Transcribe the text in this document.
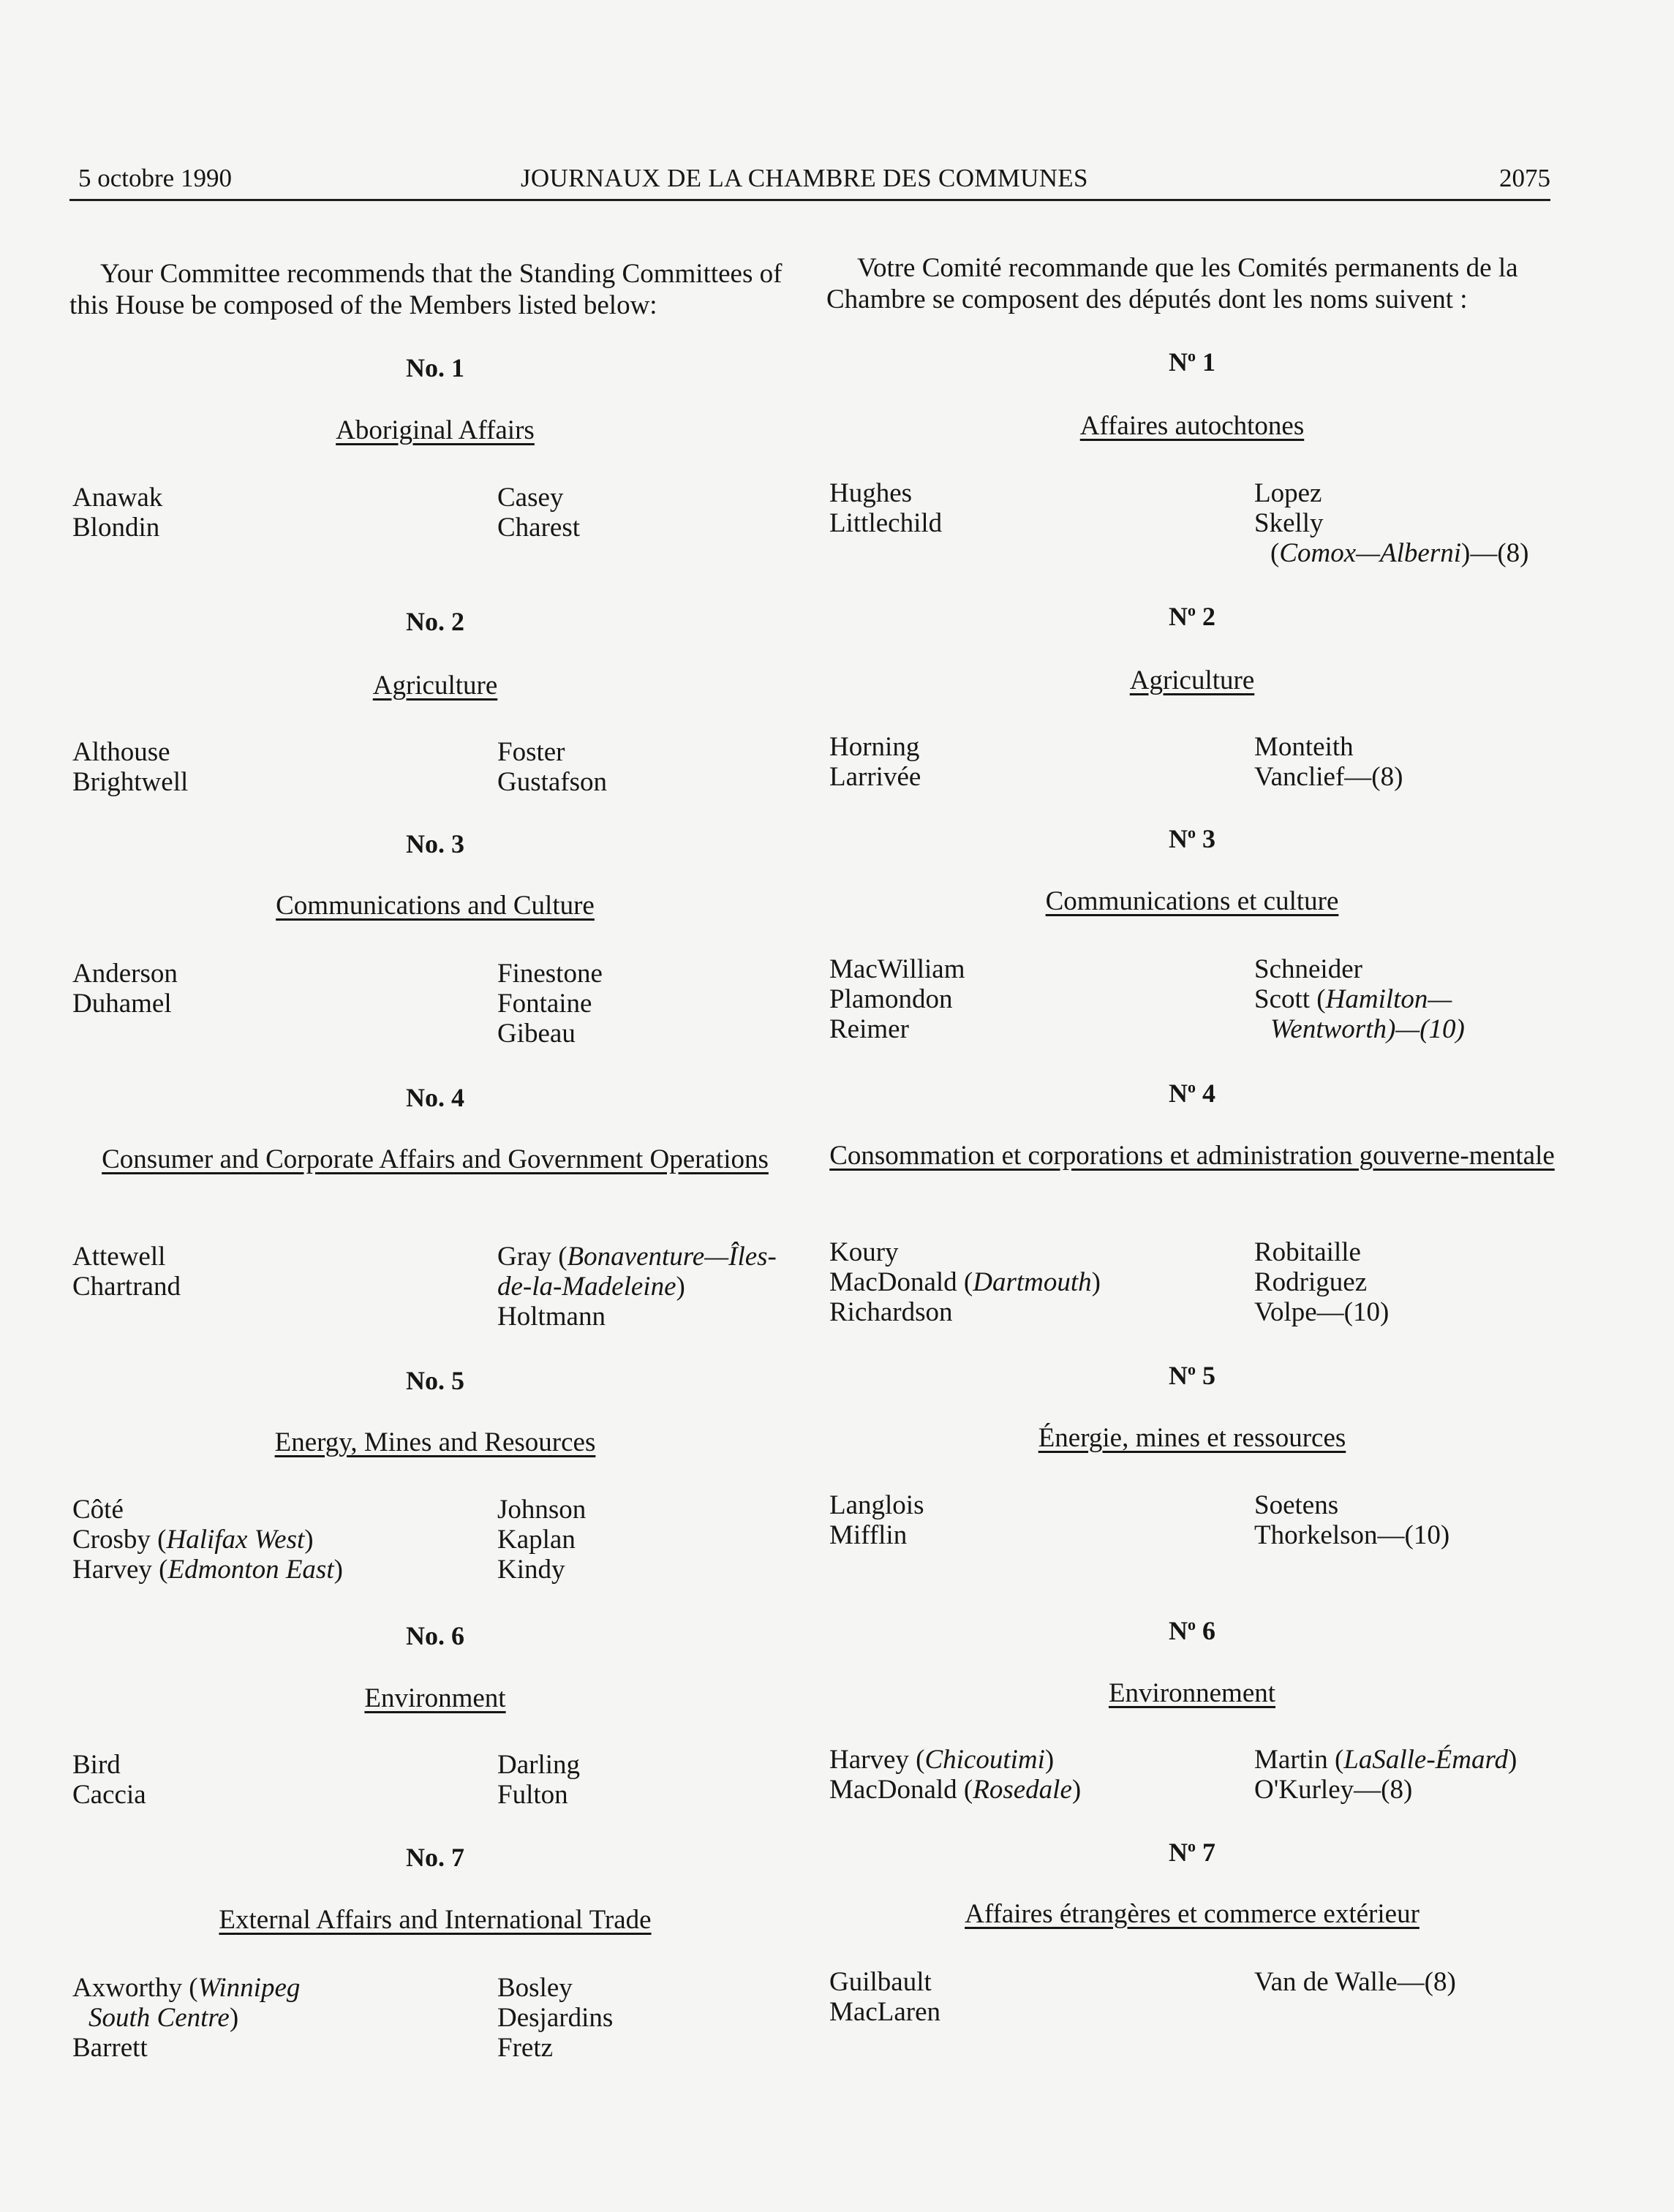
5 octobre 1990	JOURNAUX DE LA CHAMBRE DES COMMUNES	2075
Your Committee recommends that the Standing Committees of this House be composed of the Members listed below:
Votre Comité recommande que les Comités permanents de la Chambre se composent des députés dont les noms suivent :
No. 1
Aboriginal Affairs
Anawak
Blondin
Casey
Charest
No. 2
Agriculture
Althouse
Brightwell
Foster
Gustafson
No. 3
Communications and Culture
Anderson
Duhamel
Finestone
Fontaine
Gibeau
No. 4
Consumer and Corporate Affairs and Government Operations
Attewell
Chartrand
Gray (Bonaventure—Îles-
de-la-Madeleine)
Holtmann
No. 5
Energy, Mines and Resources
Côté
Crosby (Halifax West)
Harvey (Edmonton East)
Johnson
Kaplan
Kindy
No. 6
Environment
Bird
Caccia
Darling
Fulton
No. 7
External Affairs and International Trade
Axworthy (Winnipeg
South Centre)
Barrett
Bosley
Desjardins
Fretz
$N^o$ 1
Affaires autochtones
Hughes
Littlechild
Lopez
Skelly
(Comox—Alberni)—(8)
$N^o$ 2
Agriculture
Horning
Larrivée
Monteith
Vanclief—(8)
$N^o$ 3
Communications et culture
MacWilliam
Plamondon
Reimer
Schneider
Scott (Hamilton—
Wentworth)—(10)
$N^o$ 4
Consommation et corporations et administration gouverne-mentale
Koury
MacDonald (Dartmouth)
Richardson
Robitaille
Rodriguez
Volpe—(10)
$N^o$ 5
Énergie, mines et ressources
Langlois
Mifflin
Soetens
Thorkelson—(10)
$N^o$ 6
Environnement
Harvey (Chicoutimi)
MacDonald (Rosedale)
Martin (LaSalle-Émard)
O'Kurley—(8)
$N^o$ 7
Affaires étrangères et commerce extérieur
Guilbault
MacLaren
Van de Walle—(8)
